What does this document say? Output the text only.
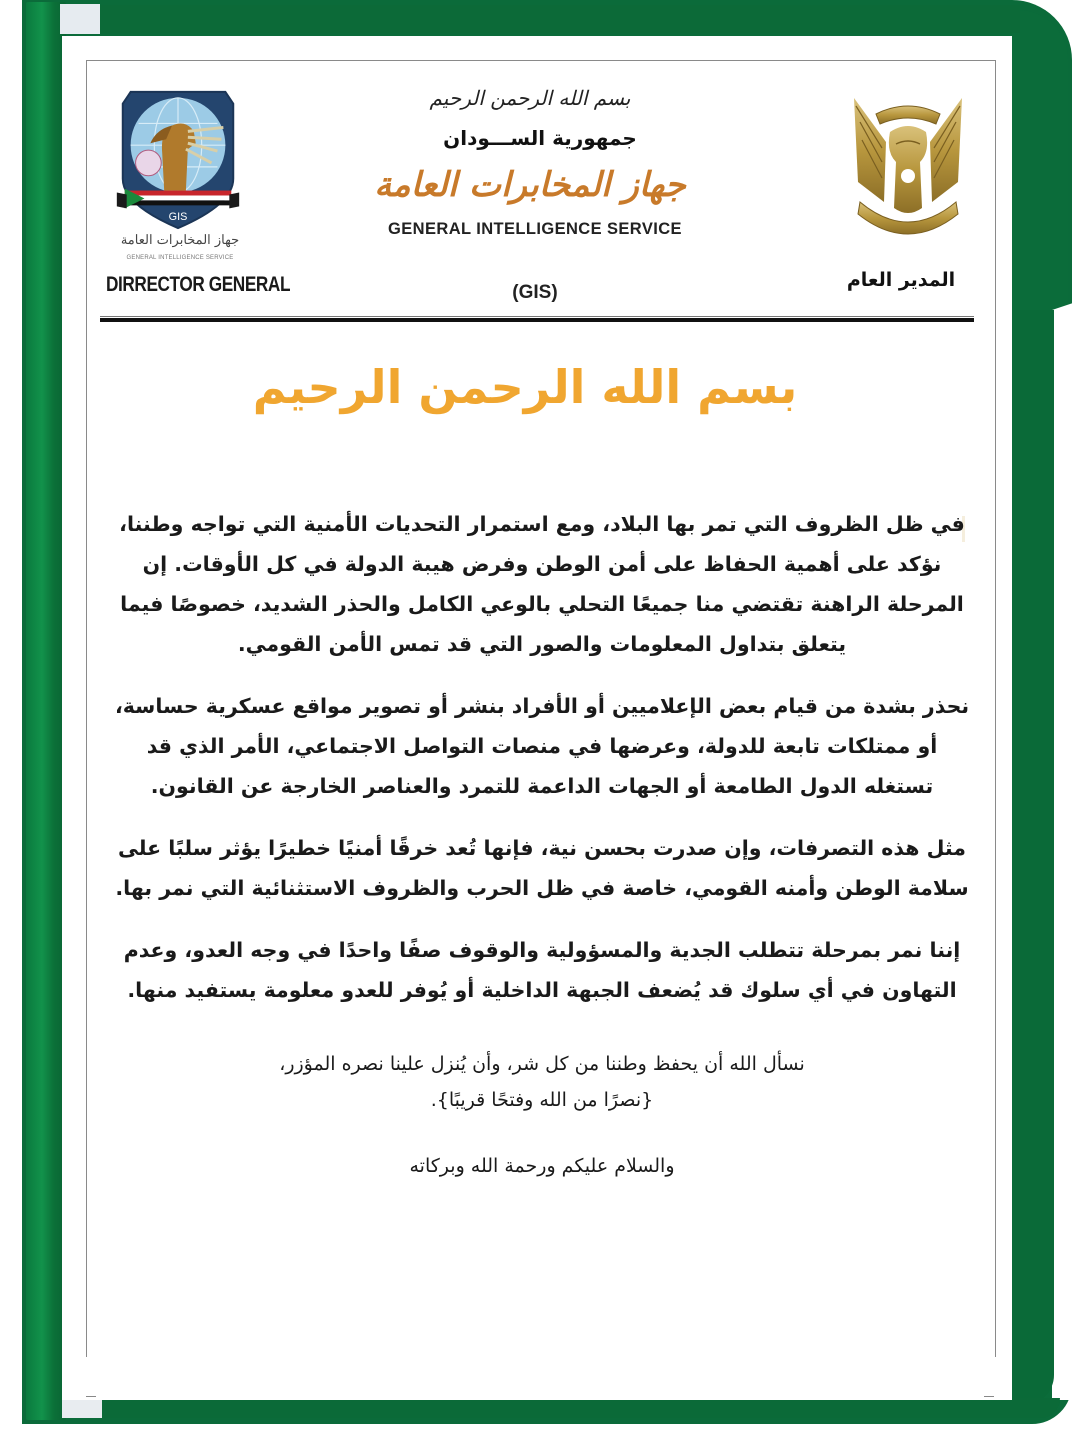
GIS
جهاز المخابرات العامة
GENERAL INTELLIGENCE SERVICE
DIRRECTOR GENERAL
بسم الله الرحمن الرحيم
جمهورية الســـودان
جهاز المخابرات العامة
GENERAL INTELLIGENCE SERVICE
(GIS)
المدير العام
بسم الله الرحمن الرحيم

في ظل الظروف التي تمر بها البلاد، ومع استمرار التحديات الأمنية التي تواجه وطننا، نؤكد على أهمية الحفاظ على أمن الوطن وفرض هيبة الدولة في كل الأوقات. إن المرحلة الراهنة تقتضي منا جميعًا التحلي بالوعي الكامل والحذر الشديد، خصوصًا فيما يتعلق بتداول المعلومات والصور التي قد تمس الأمن القومي.

نحذر بشدة من قيام بعض الإعلاميين أو الأفراد بنشر أو تصوير مواقع عسكرية حساسة، أو ممتلكات تابعة للدولة، وعرضها في منصات التواصل الاجتماعي، الأمر الذي قد تستغله الدول الطامعة أو الجهات الداعمة للتمرد والعناصر الخارجة عن القانون.

مثل هذه التصرفات، وإن صدرت بحسن نية، فإنها تُعد خرقًا أمنيًا خطيرًا يؤثر سلبًا على سلامة الوطن وأمنه القومي، خاصة في ظل الحرب والظروف الاستثنائية التي نمر بها.

إننا نمر بمرحلة تتطلب الجدية والمسؤولية والوقوف صفًا واحدًا في وجه العدو، وعدم التهاون في أي سلوك قد يُضعف الجبهة الداخلية أو يُوفر للعدو معلومة يستفيد منها.

نسأل الله أن يحفظ وطننا من كل شر، وأن يُنزل علينا نصره المؤزر،
{نصرًا من الله وفتحًا قريبًا}.
والسلام عليكم ورحمة الله وبركاته
